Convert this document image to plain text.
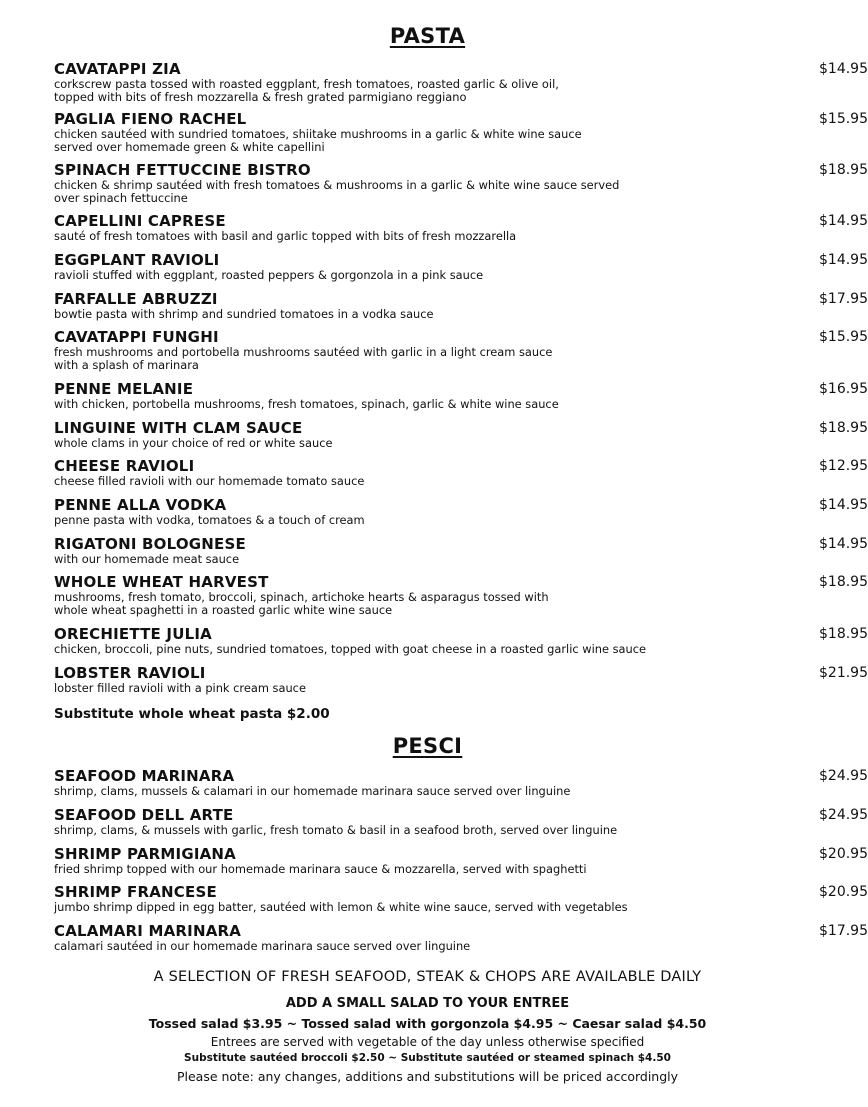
PASTA
CAVATAPPI ZIA
corkscrew pasta tossed with roasted eggplant, fresh tomatoes, roasted garlic & olive oil,
topped with bits of fresh mozzarella & fresh grated parmigiano reggiano
$14.95
PAGLIA FIENO RACHEL
chicken sautéed with sundried tomatoes, shiitake mushrooms in a garlic & white wine sauce
served over homemade green & white capellini
$15.95
SPINACH FETTUCCINE BISTRO
chicken & shrimp sautéed with fresh tomatoes & mushrooms in a garlic & white wine sauce served
over spinach fettuccine
$18.95
CAPELLINI CAPRESE
sauté of fresh tomatoes with basil and garlic topped with bits of fresh mozzarella
$14.95
EGGPLANT RAVIOLI
ravioli stuffed with eggplant, roasted peppers & gorgonzola in a pink sauce
$14.95
FARFALLE ABRUZZI
bowtie pasta with shrimp and sundried tomatoes in a vodka sauce
$17.95
CAVATAPPI FUNGHI
fresh mushrooms and portobella mushrooms sautéed with garlic in a light cream sauce
with a splash of marinara
$15.95
PENNE MELANIE
with chicken, portobella mushrooms, fresh tomatoes, spinach, garlic & white wine sauce
$16.95
LINGUINE WITH CLAM SAUCE
whole clams in your choice of red or white sauce
$18.95
CHEESE RAVIOLI
cheese filled ravioli with our homemade tomato sauce
$12.95
PENNE ALLA VODKA
penne pasta with vodka, tomatoes & a touch of cream
$14.95
RIGATONI BOLOGNESE
with our homemade meat sauce
$14.95
WHOLE WHEAT HARVEST
mushrooms, fresh tomato, broccoli, spinach, artichoke hearts & asparagus tossed with
whole wheat spaghetti in a roasted garlic white wine sauce
$18.95
ORECHIETTE JULIA
chicken, broccoli, pine nuts, sundried tomatoes, topped with goat cheese in a roasted garlic wine sauce
$18.95
LOBSTER RAVIOLI
lobster filled ravioli with a pink cream sauce
$21.95
Substitute whole wheat pasta $2.00
PESCI
SEAFOOD MARINARA
shrimp, clams, mussels & calamari in our homemade marinara sauce served over linguine
$24.95
SEAFOOD DELL ARTE
shrimp, clams, & mussels with garlic, fresh tomato & basil in a seafood broth, served over linguine
$24.95
SHRIMP PARMIGIANA
fried shrimp topped with our homemade marinara sauce & mozzarella, served with spaghetti
$20.95
SHRIMP FRANCESE
jumbo shrimp dipped in egg batter, sautéed with lemon & white wine sauce, served with vegetables
$20.95
CALAMARI MARINARA
calamari sautéed in our homemade marinara sauce served over linguine
$17.95
A SELECTION OF FRESH SEAFOOD, STEAK & CHOPS ARE AVAILABLE DAILY
ADD A SMALL SALAD TO YOUR ENTREE
Tossed salad $3.95 ~ Tossed salad with gorgonzola $4.95 ~ Caesar salad $4.50
Entrees are served with vegetable of the day unless otherwise specified
Substitute sautéed broccoli $2.50 ~ Substitute sautéed or steamed spinach $4.50
Please note: any changes, additions and substitutions will be priced accordingly
